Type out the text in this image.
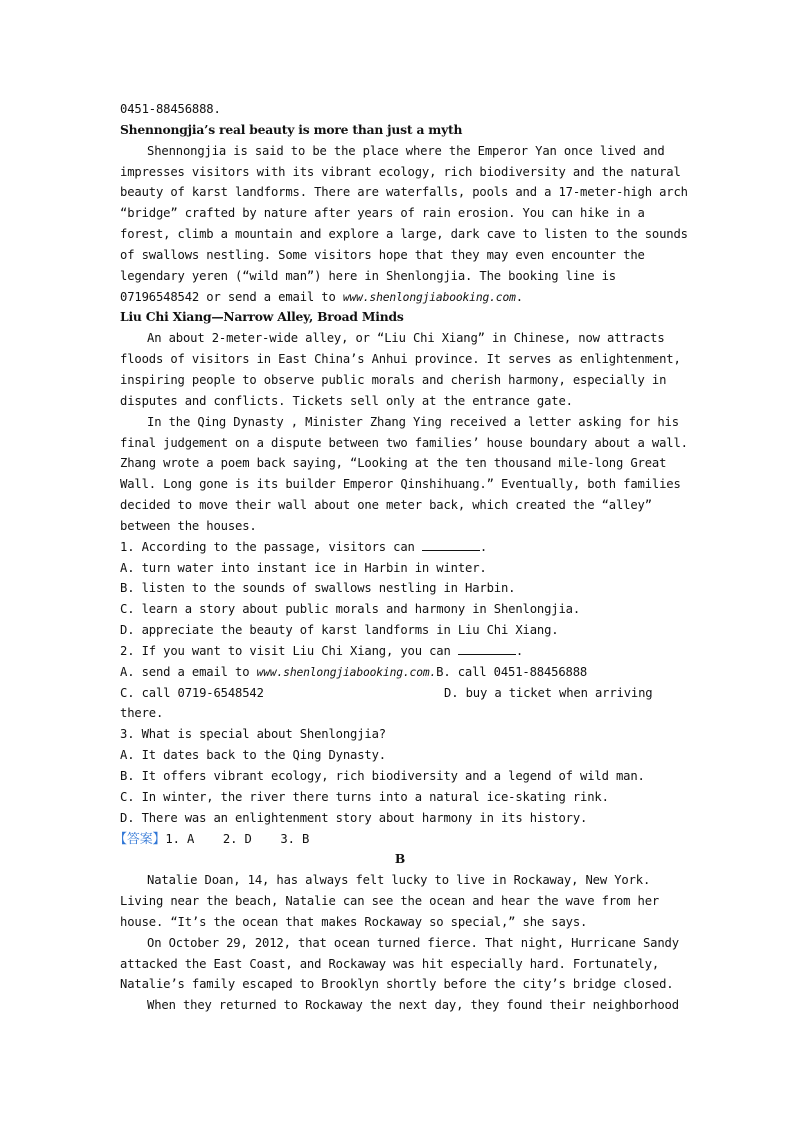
0451-88456888.
Shennongjia’s real beauty is more than just a myth
Shennongjia is said to be the place where the Emperor Yan once lived and
impresses visitors with its vibrant ecology, rich biodiversity and the natural
beauty of karst landforms. There are waterfalls, pools and a 17-meter-high arch
“bridge” crafted by nature after years of rain erosion. You can hike in a
forest, climb a mountain and explore a large, dark cave to listen to the sounds
of swallows nestling. Some visitors hope that they may even encounter the
legendary yeren (“wild man”) here in Shenlongjia. The booking line is
07196548542 or send a email to www.shenlongjiabooking.com.
Liu Chi Xiang—Narrow Alley, Broad Minds
An about 2-meter-wide alley, or “Liu Chi Xiang” in Chinese, now attracts
floods of visitors in East China’s Anhui province. It serves as enlightenment,
inspiring people to observe public morals and cherish harmony, especially in
disputes and conflicts. Tickets sell only at the entrance gate.
In the Qing Dynasty , Minister Zhang Ying received a letter asking for his
final judgement on a dispute between two families’ house boundary about a wall.
Zhang wrote a poem back saying, “Looking at the ten thousand mile-long Great
Wall. Long gone is its builder Emperor Qinshihuang.” Eventually, both families
decided to move their wall about one meter back, which created the “alley”
between the houses.
1. According to the passage, visitors can	.
A. turn water into instant ice in Harbin in winter.
B. listen to the sounds of swallows nestling in Harbin.
C. learn a story about public morals and harmony in Shenlongjia.
D. appreciate the beauty of karst landforms in Liu Chi Xiang.
2. If you want to visit Liu Chi Xiang, you can	.
A. send a email to www.shenlongjiabooking.com.B. call 0451-88456888
C. call 0719-6548542	D. buy a ticket when arriving
there.
3. What is special about Shenlongjia?
A. It dates back to the Qing Dynasty.
B. It offers vibrant ecology, rich biodiversity and a legend of wild man.
C. In winter, the river there turns into a natural ice-skating rink.
D. There was an enlightenment story about harmony in its history.
【答案】1. A    2. D    3. B
B
Natalie Doan, 14, has always felt lucky to live in Rockaway, New York.
Living near the beach, Natalie can see the ocean and hear the wave from her
house. “It’s the ocean that makes Rockaway so special,” she says.
On October 29, 2012, that ocean turned fierce. That night, Hurricane Sandy
attacked the East Coast, and Rockaway was hit especially hard. Fortunately,
Natalie’s family escaped to Brooklyn shortly before the city’s bridge closed.
When they returned to Rockaway the next day, they found their neighborhood
